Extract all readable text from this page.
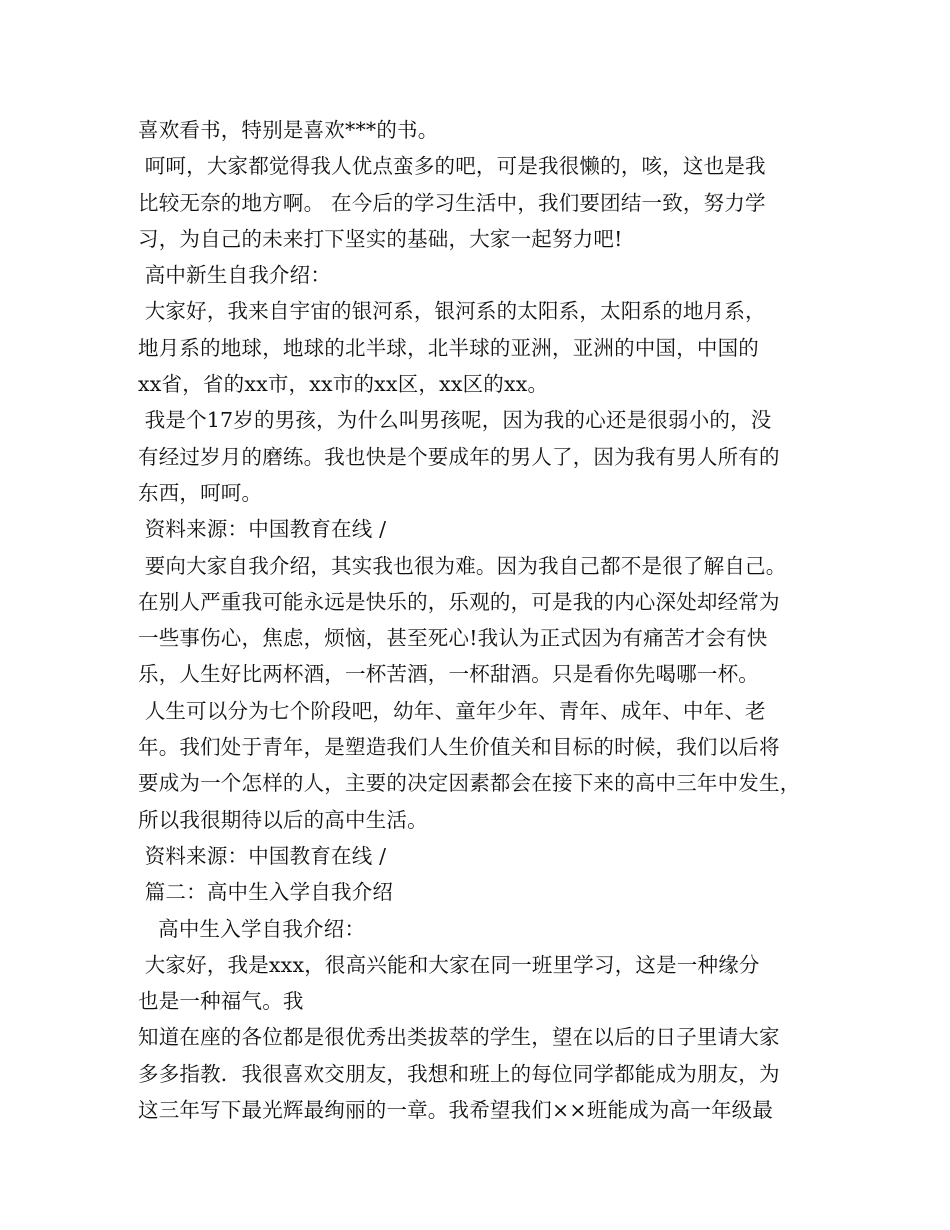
喜欢看书，特别是喜欢***的书。
呵呵，大家都觉得我人优点蛮多的吧，可是我很懒的，咳，这也是我
比较无奈的地方啊。 在今后的学习生活中，我们要团结一致，努力学
习，为自己的未来打下坚实的基础，大家一起努力吧!
高中新生自我介绍：
大家好，我来自宇宙的银河系，银河系的太阳系，太阳系的地月系，
地月系的地球，地球的北半球，北半球的亚洲，亚洲的中国，中国的
xx省，省的xx市，xx市的xx区，xx区的xx。
我是个17岁的男孩，为什么叫男孩呢，因为我的心还是很弱小的，没
有经过岁月的磨练。我也快是个要成年的男人了，因为我有男人所有的
东西，呵呵。
资料来源：中国教育在线 /
要向大家自我介绍，其实我也很为难。因为我自己都不是很了解自己。
在别人严重我可能永远是快乐的，乐观的，可是我的内心深处却经常为
一些事伤心，焦虑，烦恼，甚至死心!我认为正式因为有痛苦才会有快
乐，人生好比两杯酒，一杯苦酒，一杯甜酒。只是看你先喝哪一杯。
人生可以分为七个阶段吧，幼年、童年少年、青年、成年、中年、老
年。我们处于青年，是塑造我们人生价值关和目标的时候，我们以后将
要成为一个怎样的人，主要的决定因素都会在接下来的高中三年中发生，
所以我很期待以后的高中生活。
资料来源：中国教育在线 /
篇二：高中生入学自我介绍
高中生入学自我介绍：
大家好，我是xxx，很高兴能和大家在同一班里学习，这是一种缘分
也是一种福气。我
知道在座的各位都是很优秀出类拔萃的学生，望在以后的日子里请大家
多多指教．我很喜欢交朋友，我想和班上的每位同学都能成为朋友，为
这三年写下最光辉最绚丽的一章。我希望我们××班能成为高一年级最
